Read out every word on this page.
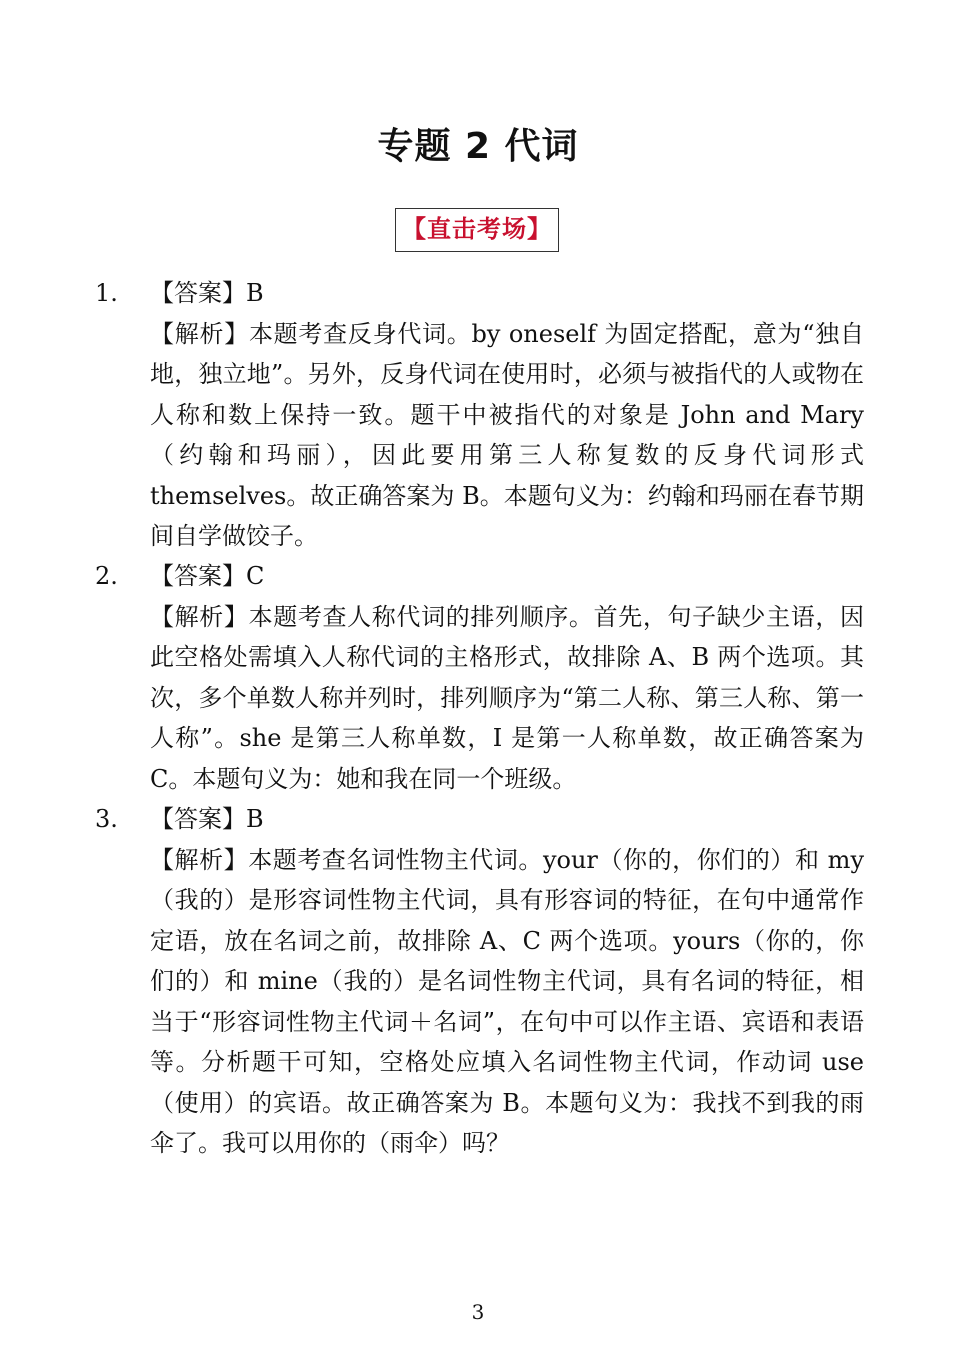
专题 2 代词
【直击考场】
1. 【答案】B

【解析】本题考查反身代词。by oneself 为固定搭配，意为“独自地，独立地”。另外，反身代词在使用时，必须与被指代的人或物在人称和数上保持一致。题干中被指代的对象是 John and Mary（约翰和玛丽），因此要用第三人称复数的反身代词形式 themselves。故正确答案为 B。本题句义为：约翰和玛丽在春节期间自学做饺子。

2. 【答案】C

【解析】本题考查人称代词的排列顺序。首先，句子缺少主语，因此空格处需填入人称代词的主格形式，故排除 A、B 两个选项。其次，多个单数人称并列时，排列顺序为“第二人称、第三人称、第一人称”。she 是第三人称单数，I 是第一人称单数，故正确答案为 C。本题句义为：她和我在同一个班级。

3. 【答案】B

【解析】本题考查名词性物主代词。your（你的，你们的）和 my（我的）是形容词性物主代词，具有形容词的特征，在句中通常作定语，放在名词之前，故排除 A、C 两个选项。yours（你的，你们的）和 mine（我的）是名词性物主代词，具有名词的特征，相当于“形容词性物主代词＋名词”，在句中可以作主语、宾语和表语等。分析题干可知，空格处应填入名词性物主代词，作动词 use（使用）的宾语。故正确答案为 B。本题句义为：我找不到我的雨伞了。我可以用你的（雨伞）吗？

3
